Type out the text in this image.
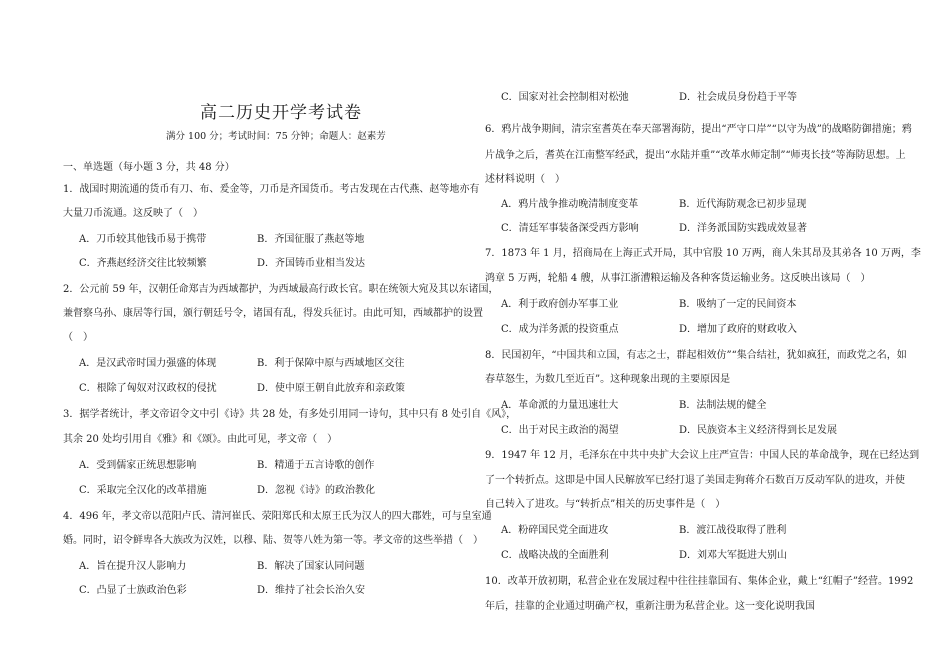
高二历史开学考试卷
满分 100 分；考试时间：75 分钟；命题人：赵素芳
一、单选题（每小题 3 分，共 48 分）
1．战国时期流通的货币有刀、布、爰金等，刀币是齐国货币。考古发现在古代燕、赵等地亦有
大量刀币流通。这反映了（　）
A．刀币较其他钱币易于携带	B．齐国征服了燕赵等地
C．齐燕赵经济交往比较频繁	D．齐国铸币业相当发达
2．公元前 59 年，汉朝任命郑吉为西域都护，为西域最高行政长官。职在统领大宛及其以东诸国，
兼督察乌孙、康居等行国，颁行朝廷号令，诸国有乱，得发兵征讨。由此可知，西域都护的设置
（　）
A．是汉武帝时国力强盛的体现	B．利于保障中原与西域地区交往
C．根除了匈奴对汉政权的侵扰	D．使中原王朝自此放弃和亲政策
3．据学者统计，孝文帝诏令文中引《诗》共 28 处，有多处引用同一诗句，其中只有 8 处引自《风》，
其余 20 处均引用自《雅》和《颂》。由此可见，孝文帝（　）
A．受到儒家正统思想影响	B．精通于五言诗歌的创作
C．采取完全汉化的改革措施	D．忽视《诗》的政治教化
4．496 年，孝文帝以范阳卢氏、清河崔氏、荥阳郑氏和太原王氏为汉人的四大郡姓，可与皇室通
婚。同时，诏令鲜卑各大族改为汉姓，以穆、陆、贺等八姓为第一等。孝文帝的这些举措（　）
A．旨在提升汉人影响力	B．解决了国家认同问题
C．凸显了士族政治色彩	D．维持了社会长治久安
C．国家对社会控制相对松弛	D．社会成员身份趋于平等
6．鸦片战争期间，清宗室耆英在奉天部署海防，提出“严守口岸”“以守为战”的战略防御措施；鸦
片战争之后，耆英在江南整军经武，提出“水陆并重”“改革水师定制”“师夷长技”等海防思想。上
述材料说明（　）
A．鸦片战争推动晚清制度变革	B．近代海防观念已初步显现
C．清廷军事装备深受西方影响	D．洋务派国防实践成效显著
7．1873 年 1 月，招商局在上海正式开局，其中官股 10 万两，商人朱其昂及其弟各 10 万两，李
鸿章 5 万两，轮船 4 艘，从事江浙漕粮运输及各种客货运输业务。这反映出该局（　）
A．利于政府创办军事工业	B．吸纳了一定的民间资本
C．成为洋务派的投资重点	D．增加了政府的财政收入
8．民国初年，“中国共和立国，有志之士，群起相效仿”“集合结社，犹如疯狂，而政党之名，如
春草怒生，为数几至近百”。这种现象出现的主要原因是
A．革命派的力量迅速壮大	B．法制法规的健全
C．出于对民主政治的渴望	D．民族资本主义经济得到长足发展
9．1947 年 12 月，毛泽东在中共中央扩大会议上庄严宣告：中国人民的革命战争，现在已经达到
了一个转折点。这即是中国人民解放军已经打退了美国走狗蒋介石数百万反动军队的进攻，并使
自己转入了进攻。与“转折点”相关的历史事件是（　）
A．粉碎国民党全面进攻	B．渡江战役取得了胜利
C．战略决战的全面胜利	D．刘邓大军挺进大别山
10．改革开放初期，私营企业在发展过程中往往挂靠国有、集体企业，戴上“红帽子”经营。1992
年后，挂靠的企业通过明确产权，重新注册为私营企业。这一变化说明我国
